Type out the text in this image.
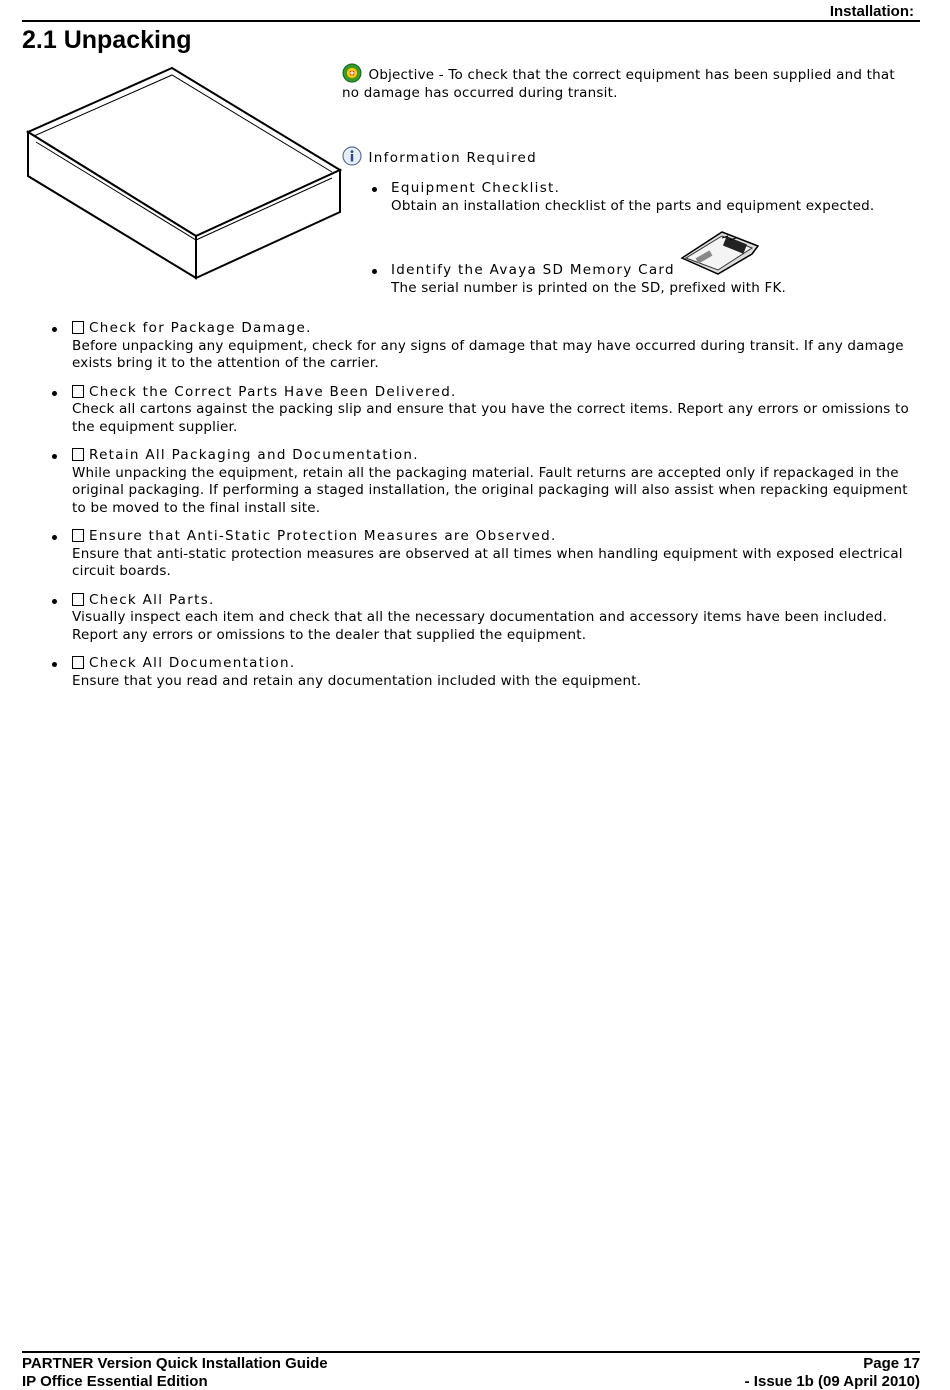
Installation:
2.1 Unpacking
Objective - To check that the correct equipment has been supplied and that no damage has occurred during transit.
Information Required
Equipment Checklist.
Obtain an installation checklist of the parts and equipment expected.
Identify the Avaya SD Memory Card
The serial number is printed on the SD, prefixed with FK.
Check for Package Damage.
Before unpacking any equipment, check for any signs of damage that may have occurred during transit. If any damage exists bring it to the attention of the carrier.
Check the Correct Parts Have Been Delivered.
Check all cartons against the packing slip and ensure that you have the correct items. Report any errors or omissions to the equipment supplier.
Retain All Packaging and Documentation.
While unpacking the equipment, retain all the packaging material. Fault returns are accepted only if repackaged in the original packaging. If performing a staged installation, the original packaging will also assist when repacking equipment to be moved to the final install site.
Ensure that Anti-Static Protection Measures are Observed.
Ensure that anti-static protection measures are observed at all times when handling equipment with exposed electrical circuit boards.
Check All Parts.
Visually inspect each item and check that all the necessary documentation and accessory items have been included. Report any errors or omissions to the dealer that supplied the equipment.
Check All Documentation.
Ensure that you read and retain any documentation included with the equipment.
PARTNER Version Quick Installation Guide
IP Office Essential Edition
Page 17
- Issue 1b (09 April 2010)
